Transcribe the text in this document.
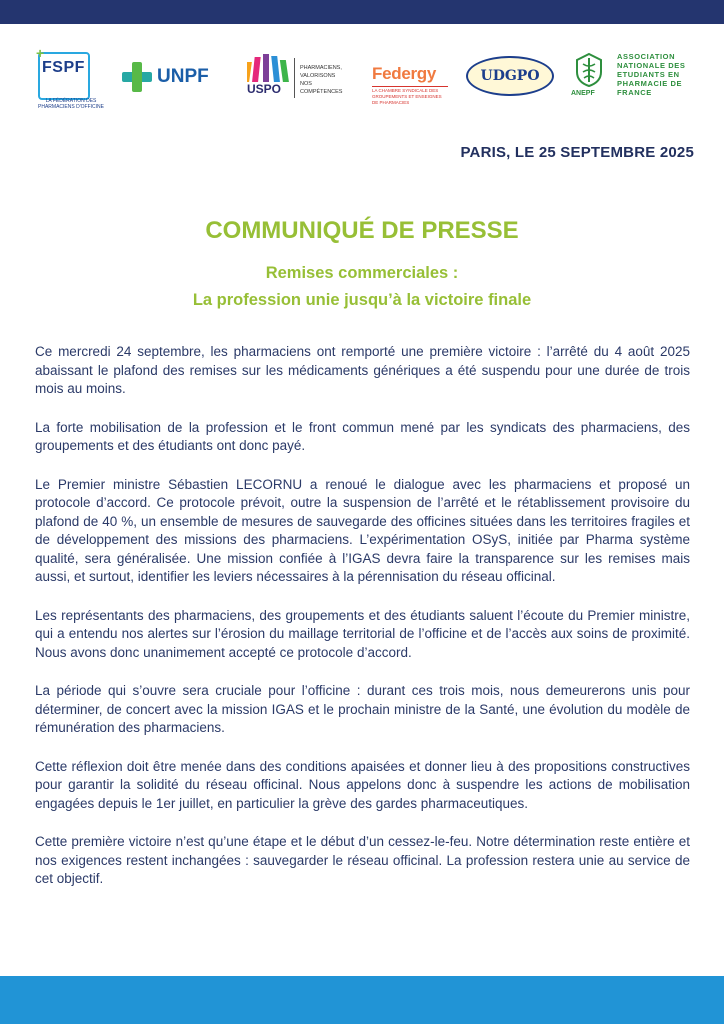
+
FSPF
LA FÉDÉRATION DES PHARMACIENS D'OFFICINE
UNPF
USPO
PHARMACIENS,
VALORISONS
NOS COMPÉTENCES
Federgy
LA CHAMBRE SYNDICALE DES GROUPEMENTS ET ENSEIGNES DE PHARMACIES
UDGPO
ANEPF
ASSOCIATION
NATIONALE DES
ETUDIANTS EN
PHARMACIE DE
FRANCE
PARIS, LE 25 SEPTEMBRE 2025
COMMUNIQUÉ DE PRESSE
Remises commerciales :
La profession unie jusqu’à la victoire finale

Ce mercredi 24 septembre, les pharmaciens ont remporté une première victoire : l’arrêté du 4 août 2025 abaissant le plafond des remises sur les médicaments génériques a été suspendu pour une durée de trois mois au moins.

La forte mobilisation de la profession et le front commun mené par les syndicats des pharmaciens, des groupements et des étudiants ont donc payé.

Le Premier ministre Sébastien LECORNU a renoué le dialogue avec les pharmaciens et proposé un protocole d’accord. Ce protocole prévoit, outre la suspension de l’arrêté et le rétablissement provisoire du plafond de 40 %, un ensemble de mesures de sauvegarde des officines situées dans les territoires fragiles et de développement des missions des pharmaciens. L’expérimentation OSyS, initiée par Pharma système qualité, sera généralisée. Une mission confiée à l’IGAS devra faire la transparence sur les remises mais aussi, et surtout, identifier les leviers nécessaires à la pérennisation du réseau officinal.

Les représentants des pharmaciens, des groupements et des étudiants saluent l’écoute du Premier ministre, qui a entendu nos alertes sur l’érosion du maillage territorial de l’officine et de l’accès aux soins de proximité. Nous avons donc unanimement accepté ce protocole d’accord.

La période qui s’ouvre sera cruciale pour l’officine : durant ces trois mois, nous demeurerons unis pour déterminer, de concert avec la mission IGAS et le prochain ministre de la Santé, une évolution du modèle de rémunération des pharmaciens.

Cette réflexion doit être menée dans des conditions apaisées et donner lieu à des propositions constructives pour garantir la solidité du réseau officinal. Nous appelons donc à suspendre les actions de mobilisation engagées depuis le 1er juillet, en particulier la grève des gardes pharmaceutiques.

Cette première victoire n’est qu’une étape et le début d’un cessez-le-feu. Notre détermination reste entière et nos exigences restent inchangées : sauvegarder le réseau officinal. La profession restera unie au service de cet objectif.
